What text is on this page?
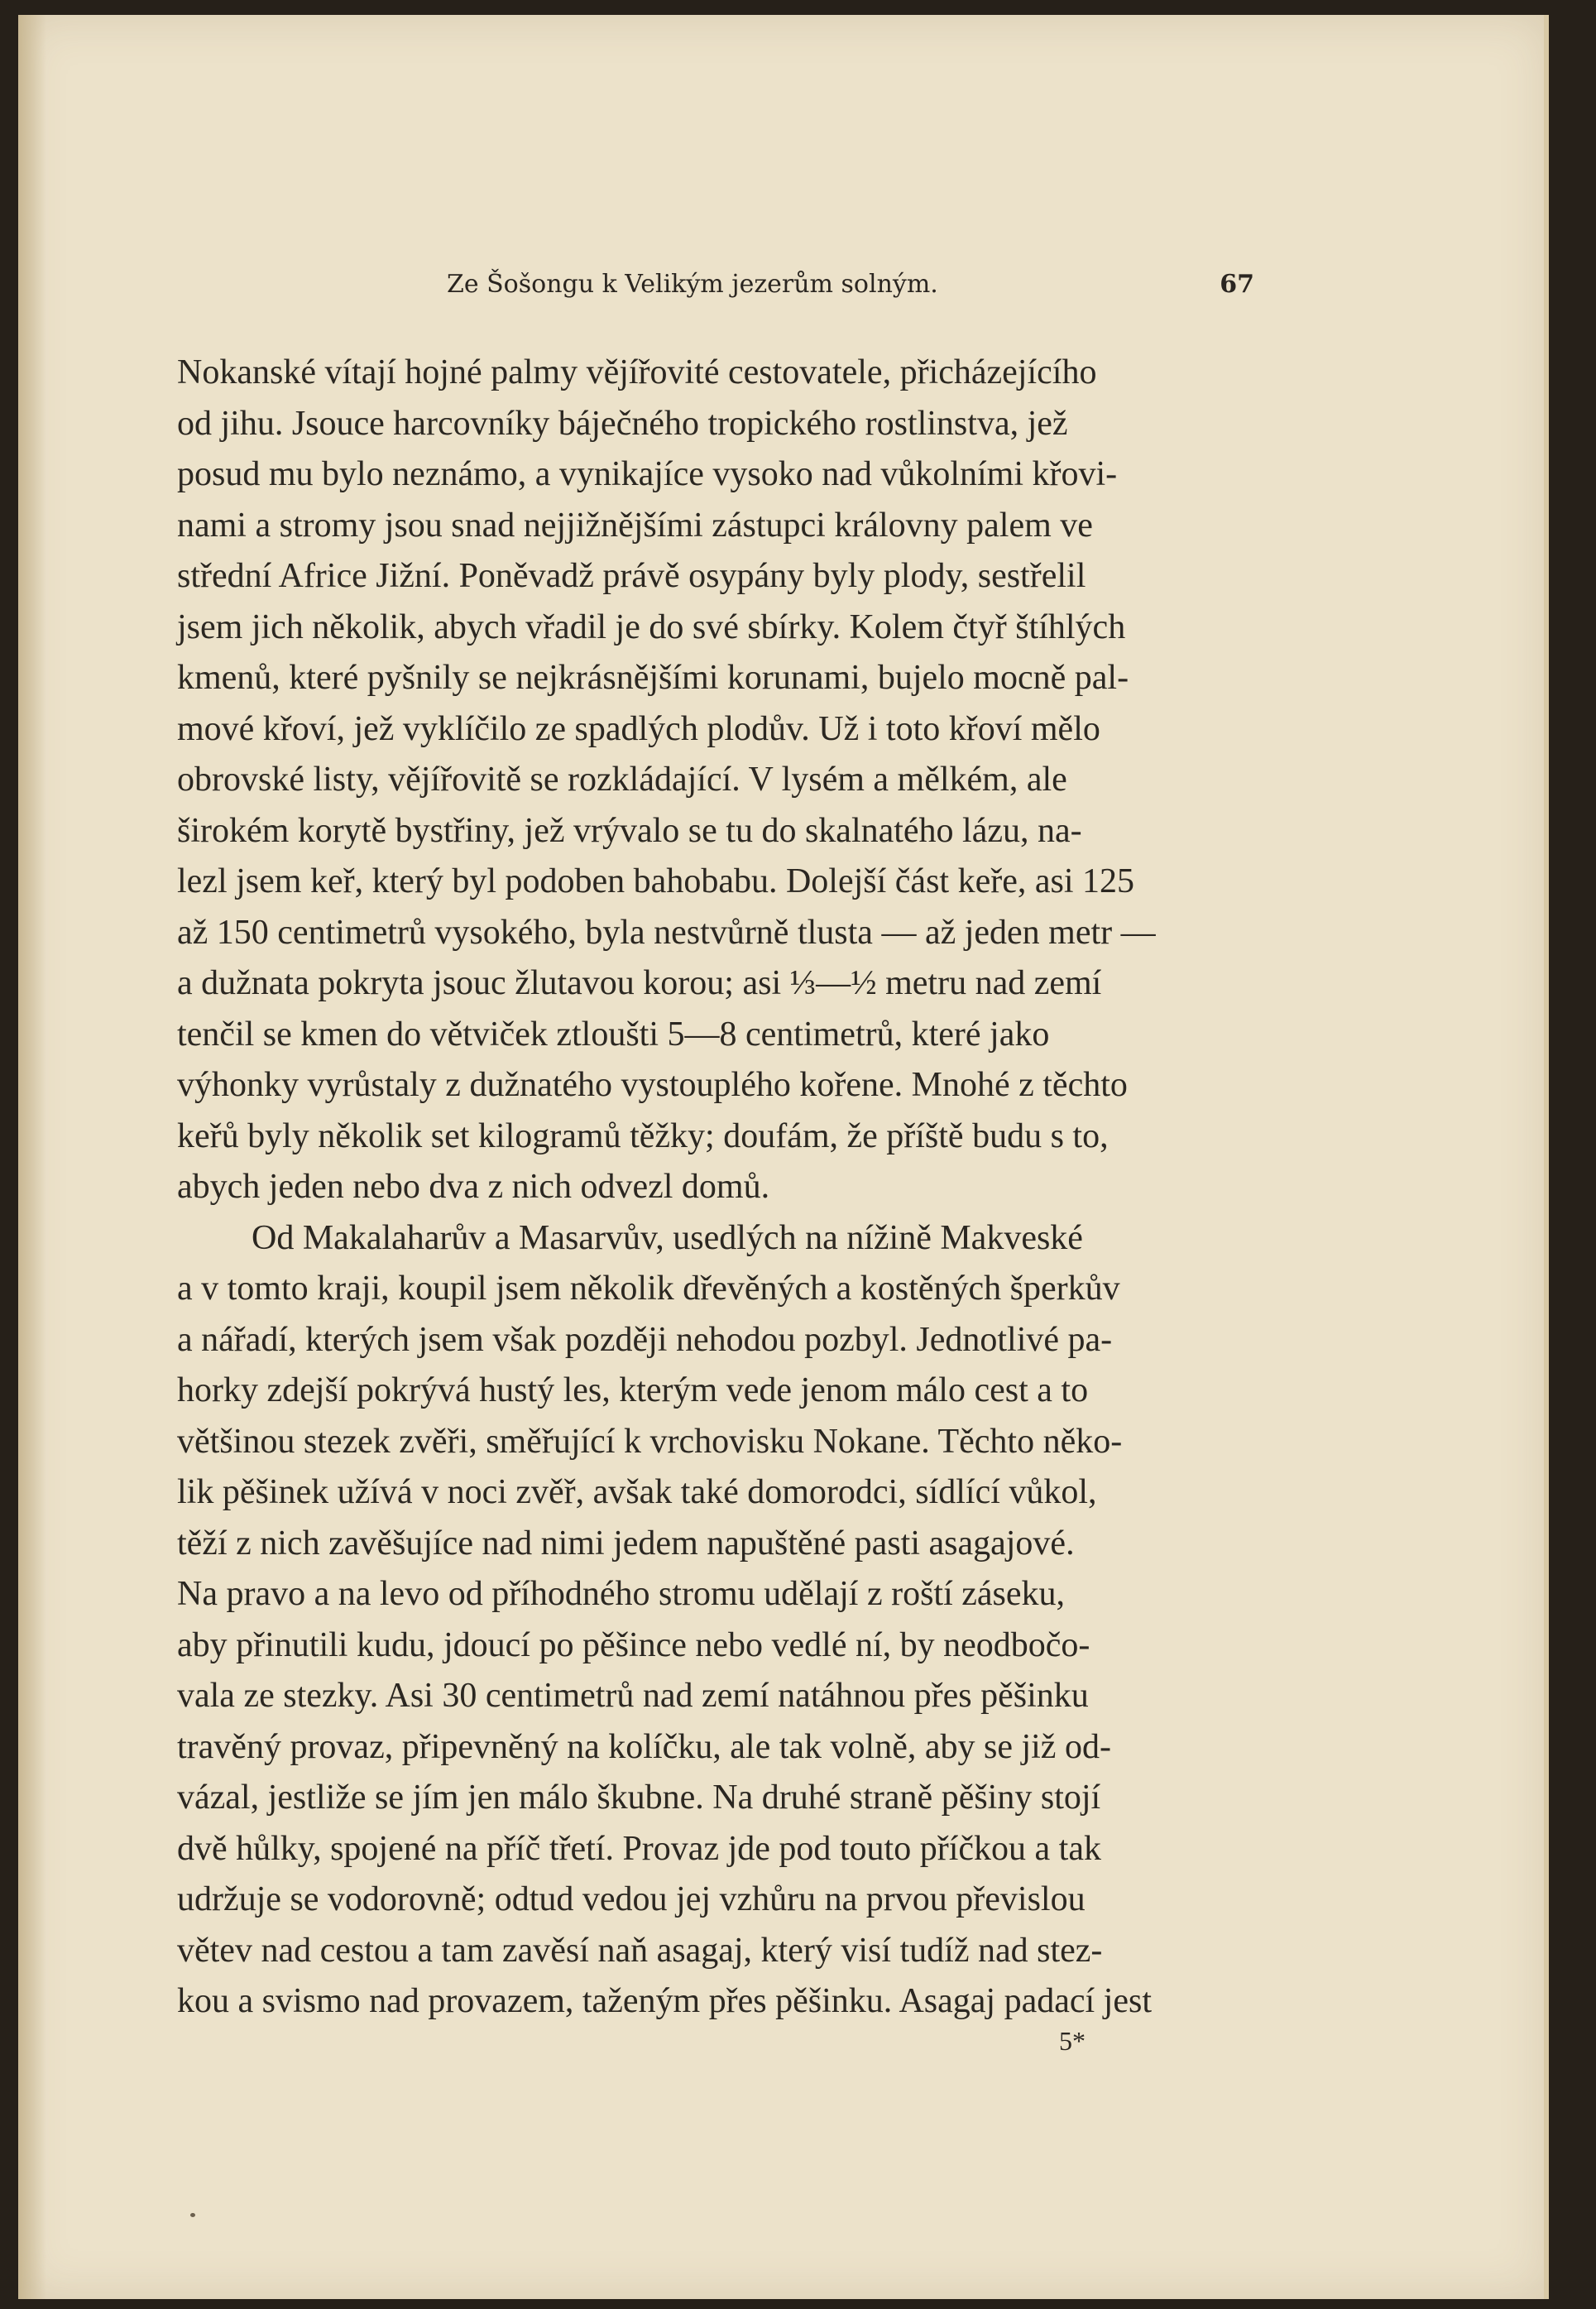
Ze Šošongu k Velikým jezerům solným.	67
Nokanské vítají hojné palmy vějířovité cestovatele, přicházejícího
od jihu. Jsouce harcovníky báječného tropického rostlinstva, jež
posud mu bylo neznámo, a vynikajíce vysoko nad vůkolními křovi-
nami a stromy jsou snad nejjižnějšími zástupci královny palem ve
střední Africe Jižní. Poněvadž právě osypány byly plody, sestřelil
jsem jich několik, abych vřadil je do své sbírky. Kolem čtyř štíhlých
kmenů, které pyšnily se nejkrásnějšími korunami, bujelo mocně pal-
mové křoví, jež vyklíčilo ze spadlých plodův. Už i toto křoví mělo
obrovské listy, vějířovitě se rozkládající. V lysém a mělkém, ale
širokém korytě bystřiny, jež vrývalo se tu do skalnatého lázu, na-
lezl jsem keř, který byl podoben bahobabu. Dolejší část keře, asi 125
až 150 centimetrů vysokého, byla nestvůrně tlusta — až jeden metr —
a dužnata pokryta jsouc žlutavou korou; asi ⅓—½ metru nad zemí
tenčil se kmen do větviček ztloušti 5—8 centimetrů, které jako
výhonky vyrůstaly z dužnatého vystouplého kořene. Mnohé z těchto
keřů byly několik set kilogramů těžky; doufám, že příště budu s to,
abych jeden nebo dva z nich odvezl domů.
Od Makalaharův a Masarvův, usedlých na nížině Makveské
a v tomto kraji, koupil jsem několik dřevěných a kostěných šperkův
a nářadí, kterých jsem však později nehodou pozbyl. Jednotlivé pa-
horky zdejší pokrývá hustý les, kterým vede jenom málo cest a to
většinou stezek zvěři, směřující k vrchovisku Nokane. Těchto něko-
lik pěšinek užívá v noci zvěř, avšak také domorodci, sídlící vůkol,
těží z nich zavěšujíce nad nimi jedem napuštěné pasti asagajové.
Na pravo a na levo od příhodného stromu udělají z roští záseku,
aby přinutili kudu, jdoucí po pěšince nebo vedlé ní, by neodbočo-
vala ze stezky. Asi 30 centimetrů nad zemí natáhnou přes pěšinku
travěný provaz, připevněný na kolíčku, ale tak volně, aby se již od-
vázal, jestliže se jím jen málo škubne. Na druhé straně pěšiny stojí
dvě hůlky, spojené na příč třetí. Provaz jde pod touto příčkou a tak
udržuje se vodorovně; odtud vedou jej vzhůru na prvou převislou
větev nad cestou a tam zavěsí naň asagaj, který visí tudíž nad stez-
kou a svismo nad provazem, taženým přes pěšinku. Asagaj padací jest
5*
